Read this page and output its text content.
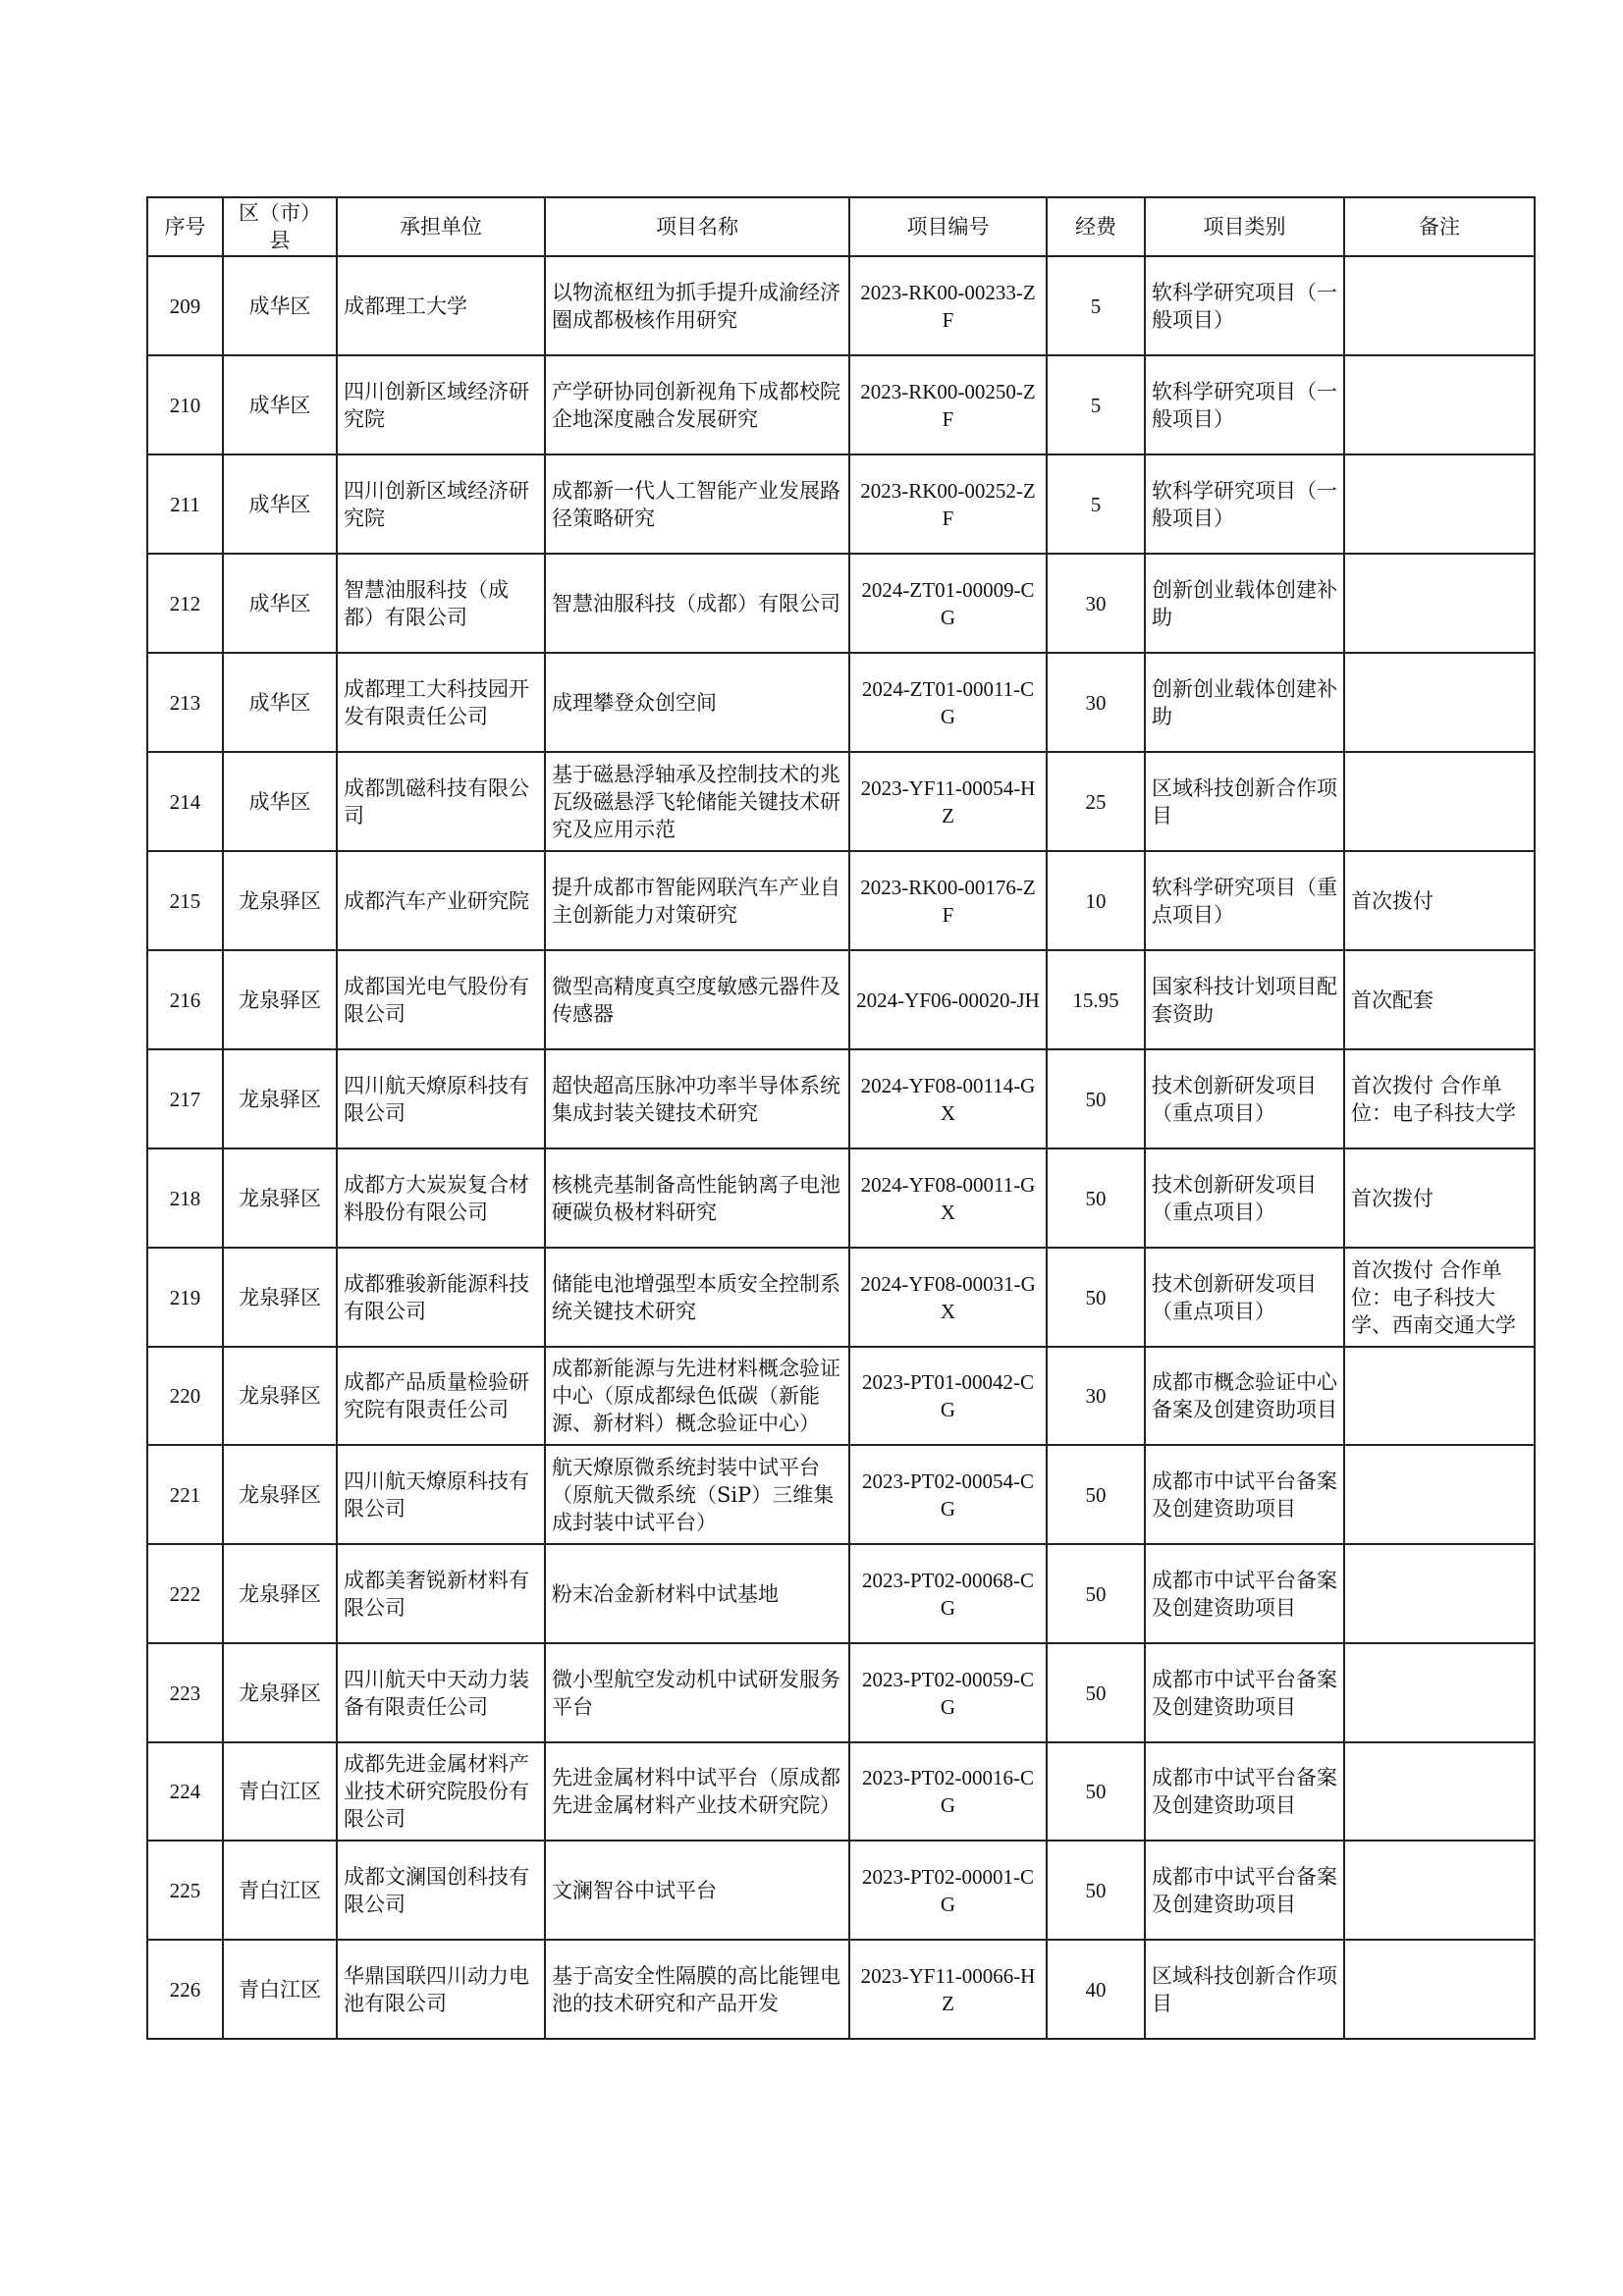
序号	区（市）县	承担单位	项目名称	项目编号	经费	项目类别	备注
209	成华区	成都理工大学	以物流枢纽为抓手提升成渝经济圈成都极核作用研究	2023-RK00-00233-ZF	5	软科学研究项目（一般项目）	
210	成华区	四川创新区域经济研究院	产学研协同创新视角下成都校院企地深度融合发展研究	2023-RK00-00250-ZF	5	软科学研究项目（一般项目）	
211	成华区	四川创新区域经济研究院	成都新一代人工智能产业发展路径策略研究	2023-RK00-00252-ZF	5	软科学研究项目（一般项目）	
212	成华区	智慧油服科技（成都）有限公司	智慧油服科技（成都）有限公司	2024-ZT01-00009-CG	30	创新创业载体创建补助	
213	成华区	成都理工大科技园开发有限责任公司	成理攀登众创空间	2024-ZT01-00011-CG	30	创新创业载体创建补助	
214	成华区	成都凯磁科技有限公司	基于磁悬浮轴承及控制技术的兆瓦级磁悬浮飞轮储能关键技术研究及应用示范	2023-YF11-00054-HZ	25	区域科技创新合作项目	
215	龙泉驿区	成都汽车产业研究院	提升成都市智能网联汽车产业自主创新能力对策研究	2023-RK00-00176-ZF	10	软科学研究项目（重点项目）	首次拨付
216	龙泉驿区	成都国光电气股份有限公司	微型高精度真空度敏感元器件及传感器	2024-YF06-00020-JH	15.95	国家科技计划项目配套资助	首次配套
217	龙泉驿区	四川航天燎原科技有限公司	超快超高压脉冲功率半导体系统集成封装关键技术研究	2024-YF08-00114-GX	50	技术创新研发项目（重点项目）	首次拨付 合作单位：电子科技大学
218	龙泉驿区	成都方大炭炭复合材料股份有限公司	核桃壳基制备高性能钠离子电池硬碳负极材料研究	2024-YF08-00011-GX	50	技术创新研发项目（重点项目）	首次拨付
219	龙泉驿区	成都雅骏新能源科技有限公司	储能电池增强型本质安全控制系统关键技术研究	2024-YF08-00031-GX	50	技术创新研发项目（重点项目）	首次拨付 合作单位：电子科技大学、西南交通大学
220	龙泉驿区	成都产品质量检验研究院有限责任公司	成都新能源与先进材料概念验证中心（原成都绿色低碳（新能源、新材料）概念验证中心）	2023-PT01-00042-CG	30	成都市概念验证中心备案及创建资助项目	
221	龙泉驿区	四川航天燎原科技有限公司	航天燎原微系统封装中试平台（原航天微系统（SiP）三维集成封装中试平台）	2023-PT02-00054-CG	50	成都市中试平台备案及创建资助项目	
222	龙泉驿区	成都美奢锐新材料有限公司	粉末冶金新材料中试基地	2023-PT02-00068-CG	50	成都市中试平台备案及创建资助项目	
223	龙泉驿区	四川航天中天动力装备有限责任公司	微小型航空发动机中试研发服务平台	2023-PT02-00059-CG	50	成都市中试平台备案及创建资助项目	
224	青白江区	成都先进金属材料产业技术研究院股份有限公司	先进金属材料中试平台（原成都先进金属材料产业技术研究院）	2023-PT02-00016-CG	50	成都市中试平台备案及创建资助项目	
225	青白江区	成都文澜国创科技有限公司	文澜智谷中试平台	2023-PT02-00001-CG	50	成都市中试平台备案及创建资助项目	
226	青白江区	华鼎国联四川动力电池有限公司	基于高安全性隔膜的高比能锂电池的技术研究和产品开发	2023-YF11-00066-HZ	40	区域科技创新合作项目	
